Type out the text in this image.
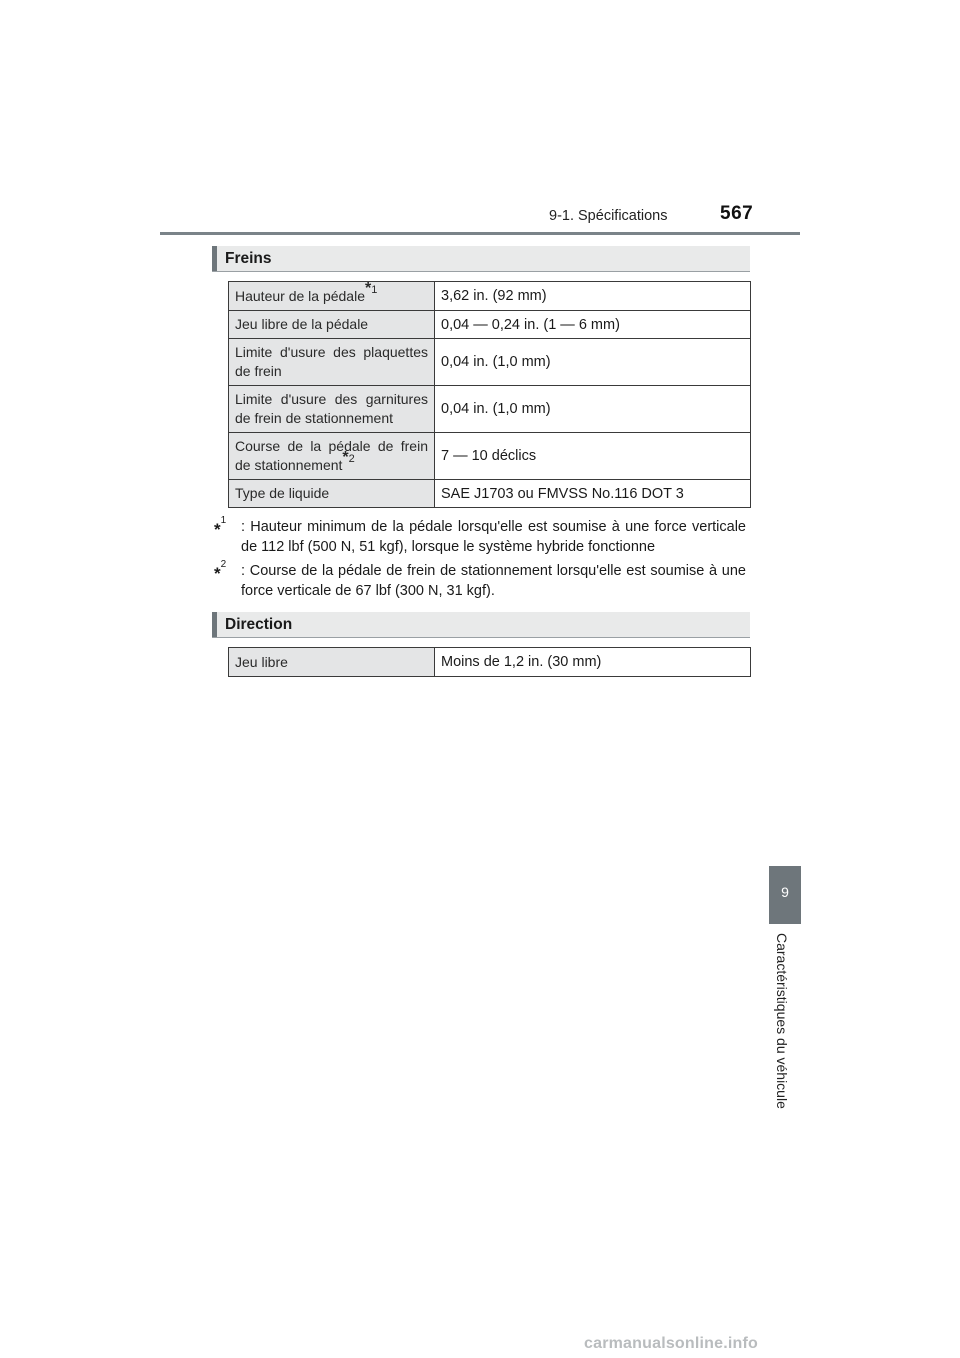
9-1. Spécifications	567
Freins
Hauteur de la pédale$^{*1}$	3,62 in. (92 mm)
Jeu libre de la pédale	0,04 — 0,24 in. (1 — 6 mm)
Limite d'usure des plaquettes de frein	0,04 in. (1,0 mm)
Limite d'usure des garnitures de frein de stationnement	0,04 in. (1,0 mm)
Course de la pédale de frein de stationnement$^{*2}$	7 — 10 déclics
Type de liquide	SAE J1703 ou FMVSS No.116 DOT 3
*$^1$	: Hauteur minimum de la pédale lorsqu'elle est soumise à une force verticale de 112 lbf (500 N, 51 kgf), lorsque le système hybride fonctionne
*$^2$	: Course de la pédale de frein de stationnement lorsqu'elle est soumise à une force verticale de 67 lbf (300 N, 31 kgf).
Direction
Jeu libre	Moins de 1,2 in. (30 mm)
9
Caractéristiques du véhicule
carmanualsonline.info
